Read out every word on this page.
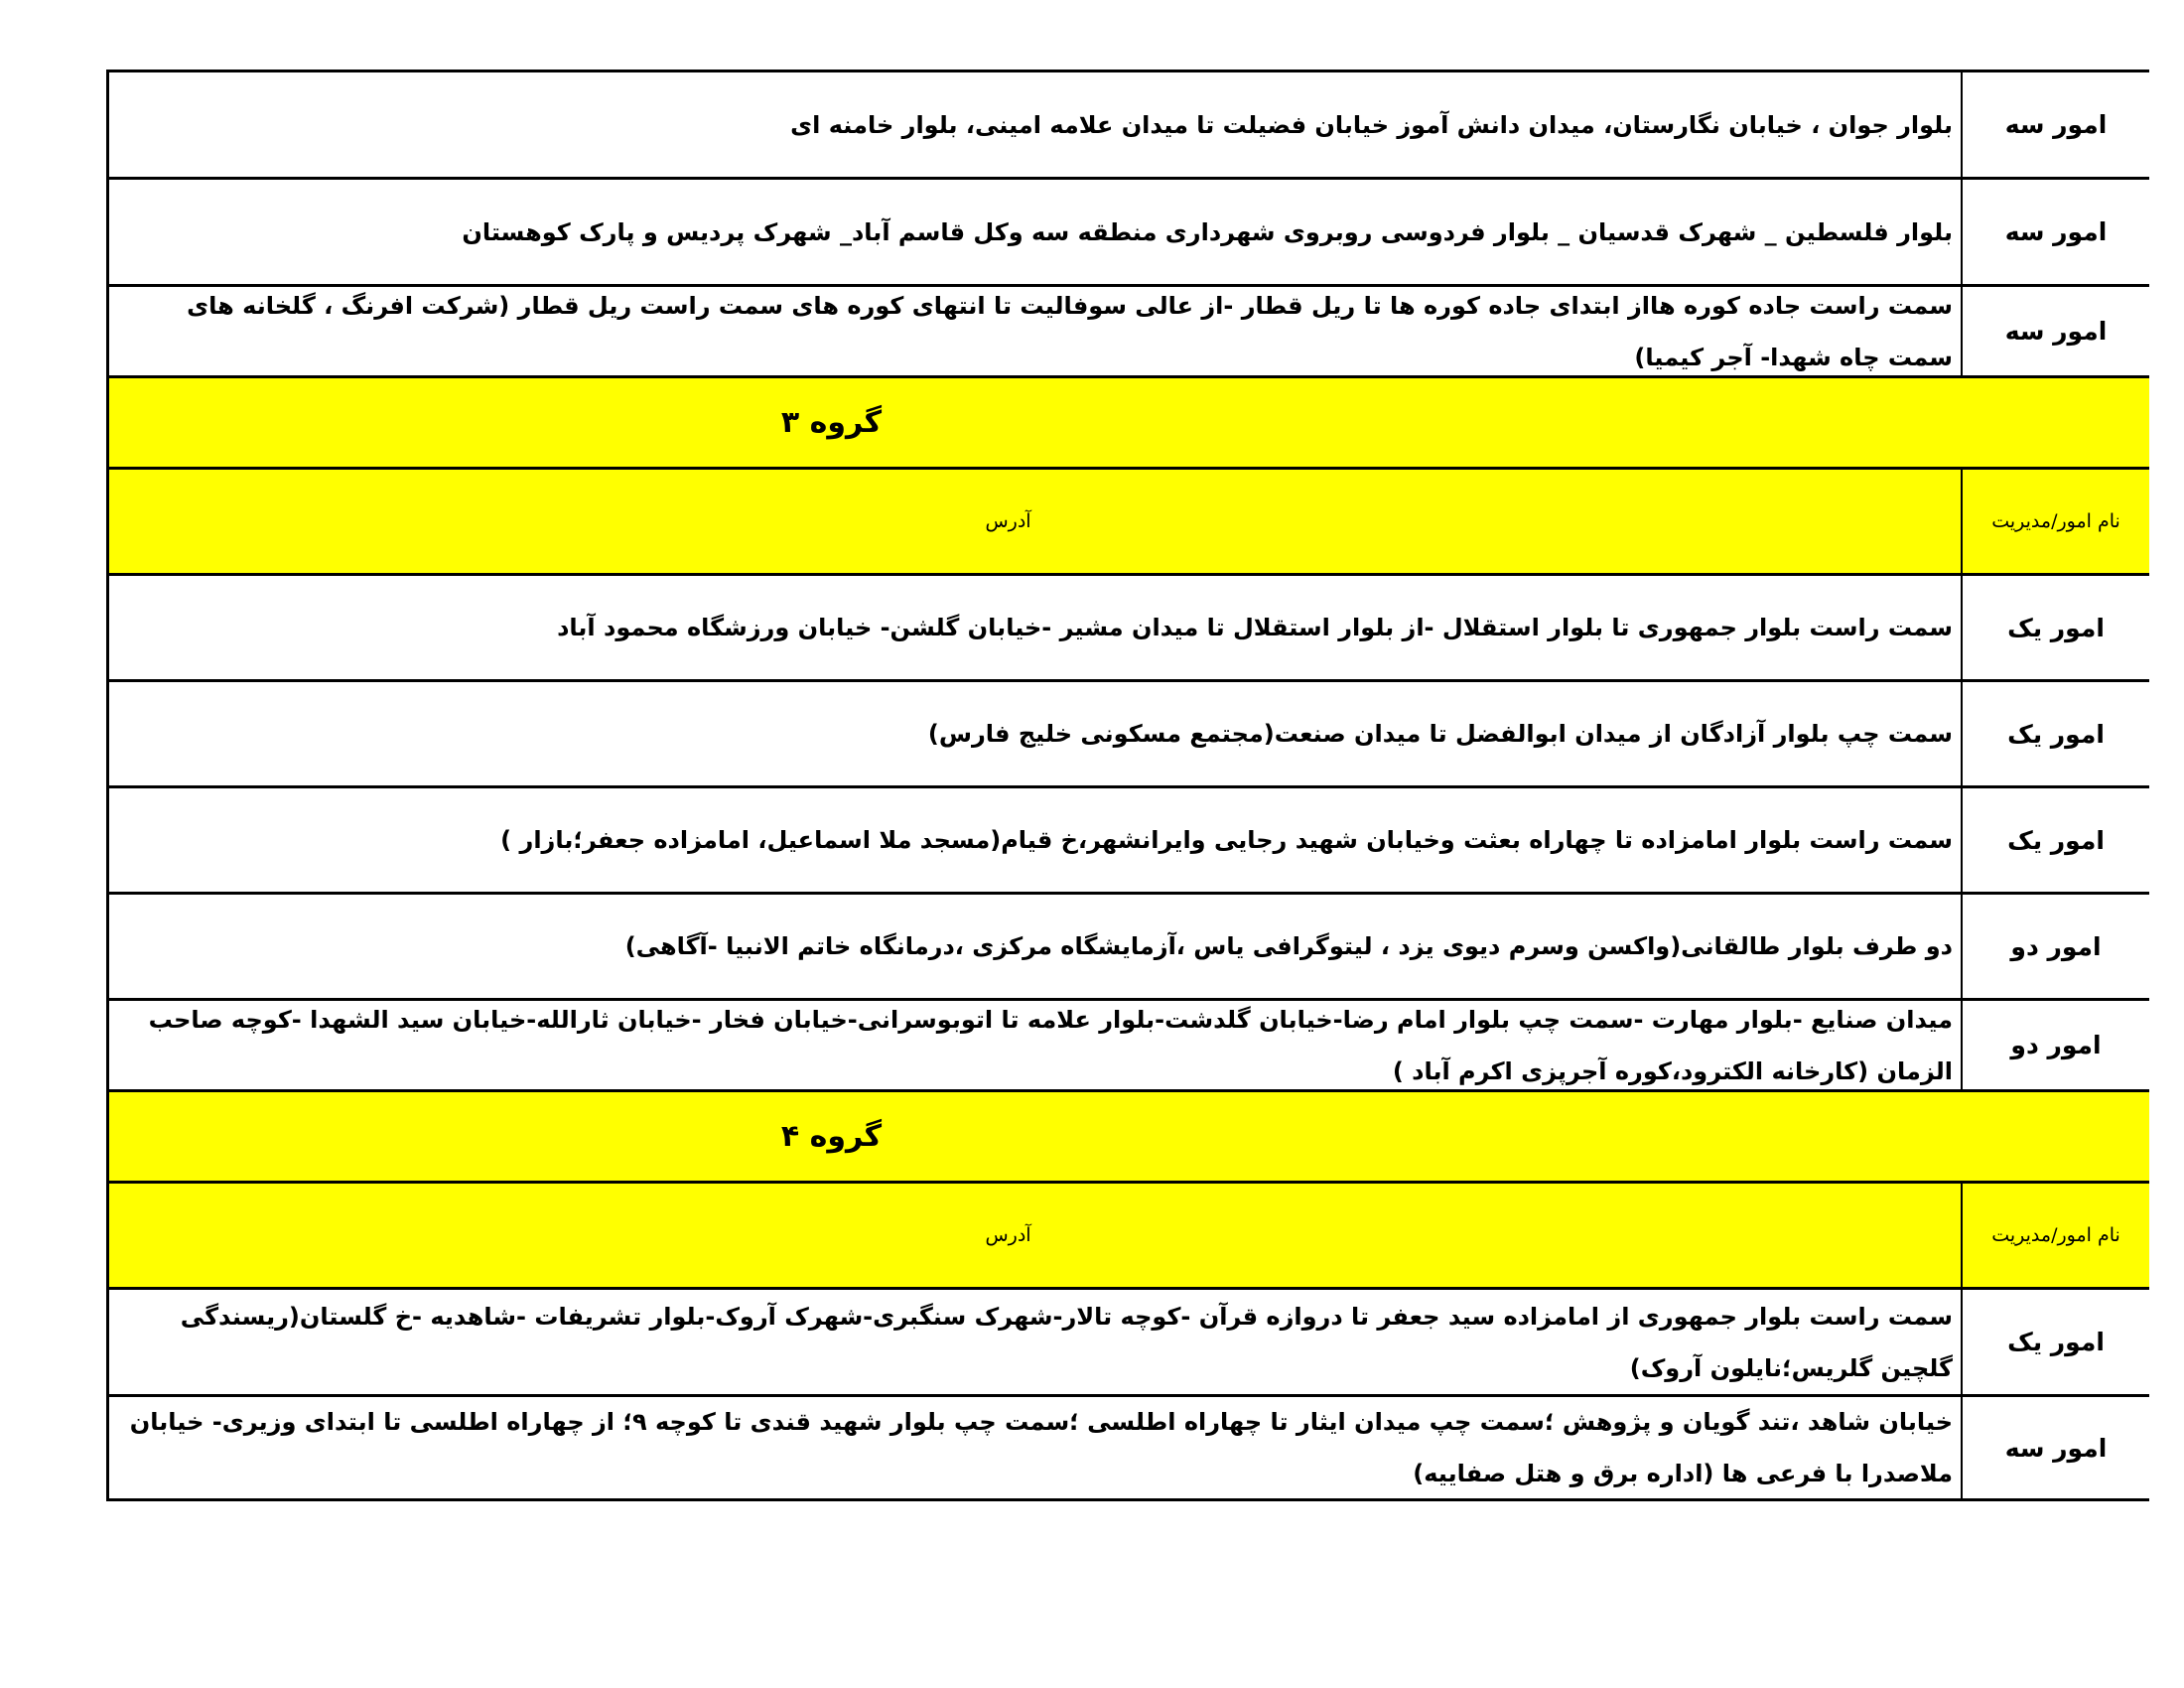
امور سه
بلوار جوان ، خیابان نگارستان، میدان دانش آموز خیابان فضیلت تا میدان علامه امینی، بلوار خامنه ای
امور سه
بلوار فلسطین _ شهرک قدسیان _ بلوار فردوسی روبروی شهرداری منطقه سه وکل قاسم آباد_ شهرک پردیس و پارک کوهستان
امور سه
سمت راست جاده کوره هااز ابتدای جاده کوره ها تا ریل قطار -از عالی سوفالیت تا انتهای کوره های سمت راست ریل قطار (شرکت افرنگ ، گلخانه های سمت چاه شهدا- آجر کیمیا)
گروه ۳
نام امور/مدیریت
آدرس
امور یک
سمت راست بلوار جمهوری تا بلوار استقلال -از بلوار استقلال تا میدان مشیر -خیابان گلشن- خیابان ورزشگاه محمود آباد
امور یک
سمت چپ بلوار آزادگان از میدان ابوالفضل تا میدان صنعت(مجتمع مسکونی خلیج فارس)
امور یک
سمت راست بلوار امامزاده تا چهاراه بعثت وخیابان شهید رجایی وایرانشهر،خ قیام(مسجد ملا اسماعیل، امامزاده جعفر؛بازار )
امور دو
دو طرف بلوار طالقانی(واکسن وسرم دیوی یزد ، لیتوگرافی یاس ،آزمایشگاه مرکزی ،درمانگاه خاتم الانبیا -آگاهی)
امور دو
میدان صنایع -بلوار مهارت -سمت چپ بلوار امام رضا-خیابان گلدشت-بلوار علامه تا اتوبوسرانی-خیابان فخار -خیابان ثارالله-خیابان سید الشهدا -کوچه صاحب الزمان (کارخانه الکترود،کوره آجرپزی اکرم آباد )
گروه ۴
نام امور/مدیریت
آدرس
امور یک
سمت راست بلوار جمهوری از امامزاده سید جعفر تا دروازه قرآن -کوچه تالار-شهرک سنگبری-شهرک آروک-بلوار تشریفات -شاهدیه -خ گلستان(ریسندگی گلچین گلریس؛نایلون آروک)
امور سه
خیابان شاهد ،تند گویان و پژوهش ؛سمت چپ میدان ایثار تا چهاراه اطلسی ؛سمت چپ بلوار شهید قندی تا کوچه ۹؛ از چهاراه اطلسی تا ابتدای وزیری- خیابان ملاصدرا با فرعی ها (اداره برق و هتل صفاییه)
